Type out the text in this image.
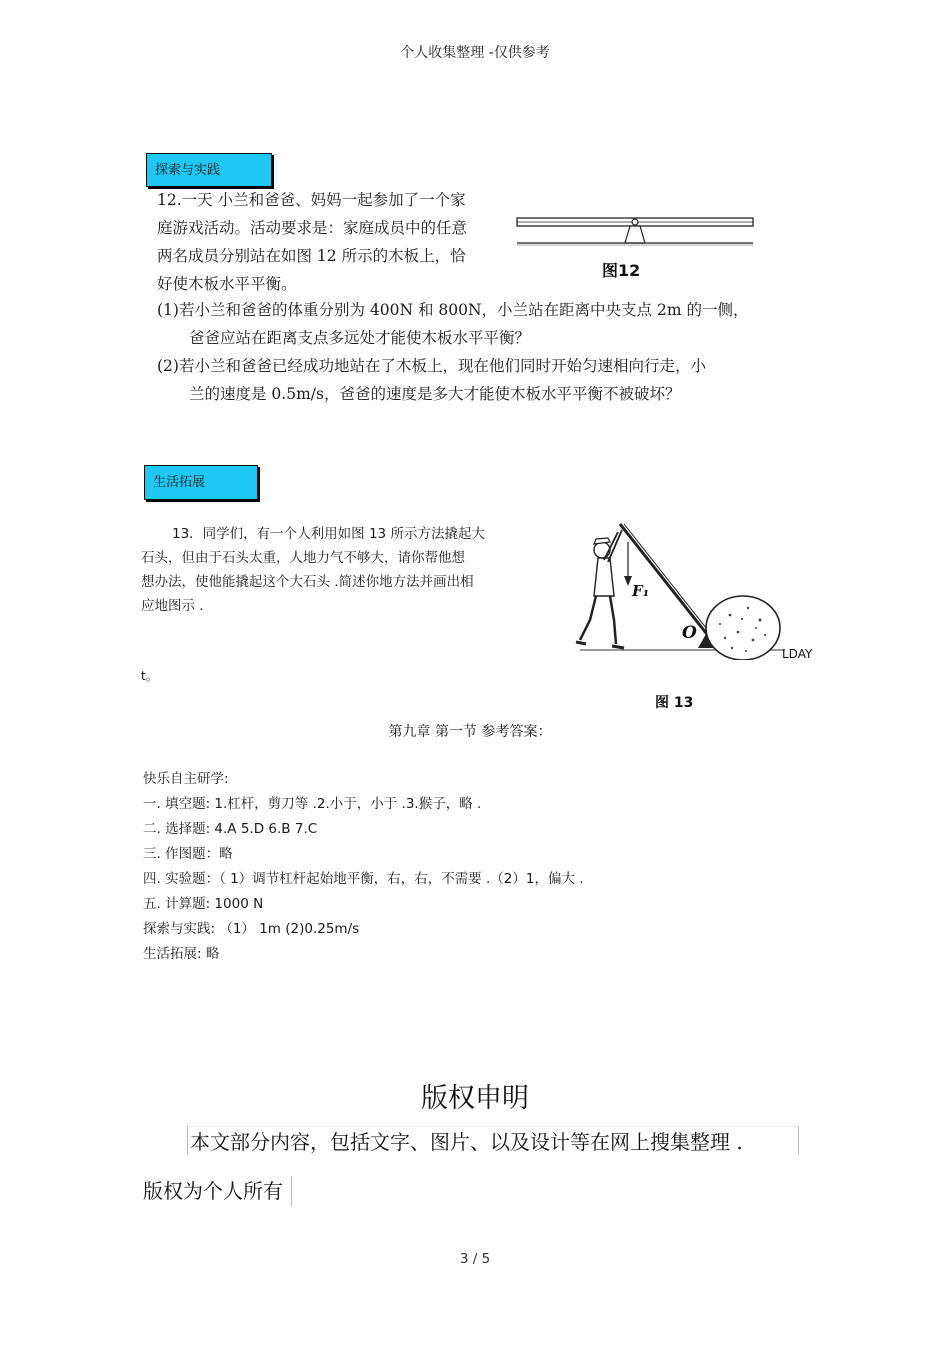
个人收集整理 -仅供参考
探索与实践
12.一天 小兰和爸爸、妈妈一起参加了一个家
庭游戏活动。活动要求是：家庭成员中的任意
两名成员分别站在如图 12 所示的木板上，恰
好使木板水平平衡。
图12
(1)若小兰和爸爸的体重分别为 400N 和 800N，小兰站在距离中央支点 2m 的一侧，
爸爸应站在距离支点多远处才能使木板水平平衡？
(2)若小兰和爸爸已经成功地站在了木板上，现在他们同时开始匀速相向行走，小
兰的速度是 0.5m/s，爸爸的速度是多大才能使木板水平平衡不被破坏？
生活拓展
13．同学们，有一个人利用如图 13 所示方法撬起大
石头，但由于石头太重，人地力气不够大，请你帮他想
想办法，使他能撬起这个大石头 .简述你地方法并画出相
应地图示 .
t。
F₁
O
LDAY
图 13
第九章 第一节 参考答案：
快乐自主研学:
一. 填空题: 1.杠杆，剪刀等 .2.小于，小于 .3.猴子，略 .
二. 选择题: 4.A 5.D 6.B 7.C
三. 作图题：略
四. 实验题：（ 1）调节杠杆起始地平衡，右，右，不需要 .（2）1，偏大 .
五. 计算题: 1000 N
探索与实践: （1） 1m (2)0.25m/s
生活拓展: 略
版权申明
本文部分内容，包括文字、图片、以及设计等在网上搜集整理 .
版权为个人所有
3 / 5
